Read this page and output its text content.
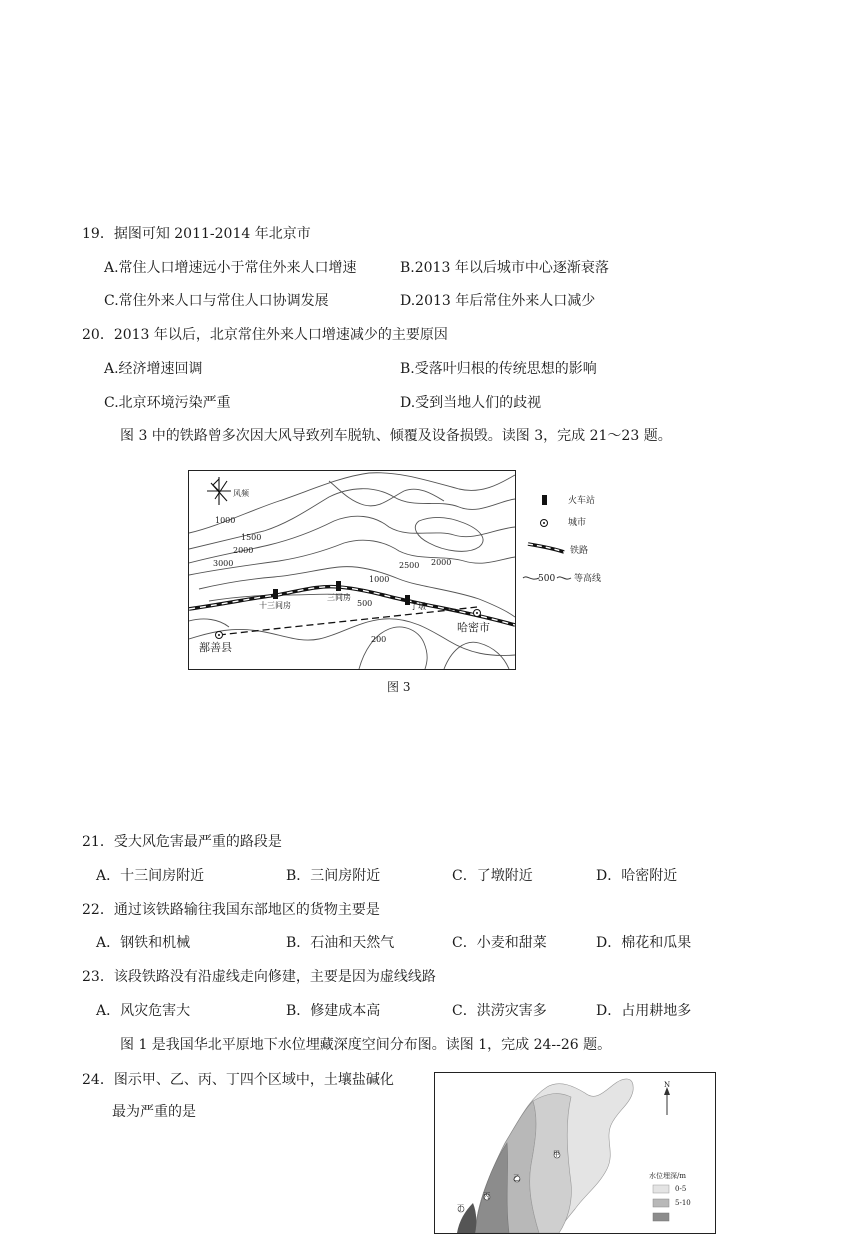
19．据图可知 2011-2014 年北京市
A.常住人口增速远小于常住外来人口增速	B.2013 年以后城市中心逐渐衰落
C.常住外来人口与常住人口协调发展	D.2013 年后常住外来人口减少
20．2013 年以后，北京常住外来人口增速减少的主要原因
A.经济增速回调	B.受落叶归根的传统思想的影响
C.北京环境污染严重	D.受到当地人们的歧视
图 3 中的铁路曾多次因大风导致列车脱轨、倾覆及设备损毁。读图 3，完成 21～23 题。
风频
1000
1500
2000
3000	2500 2000
1000
500
200
十三间房
三间房
了墩
哈密市
鄯善县
火车站
城市
铁路
500 等高线
图 3
21．受大风危害最严重的路段是
A．十三间房附近	B．三间房附近	C．了墩附近	D．哈密附近
22．通过该铁路输往我国东部地区的货物主要是
A．钢铁和机械	B．石油和天然气	C．小麦和甜菜	D．棉花和瓜果
23．该段铁路没有沿虚线走向修建，主要是因为虚线线路
A．风灾危害大	B．修建成本高	C．洪涝灾害多	D．占用耕地多
图 1 是我国华北平原地下水位埋藏深度空间分布图。读图 1，完成 24--26 题。
24．图示甲、乙、丙、丁四个区域中，土壤盐碱化
最为严重的是
N
甲
乙
丙
丁
水位埋深/m
0-5
5-10
